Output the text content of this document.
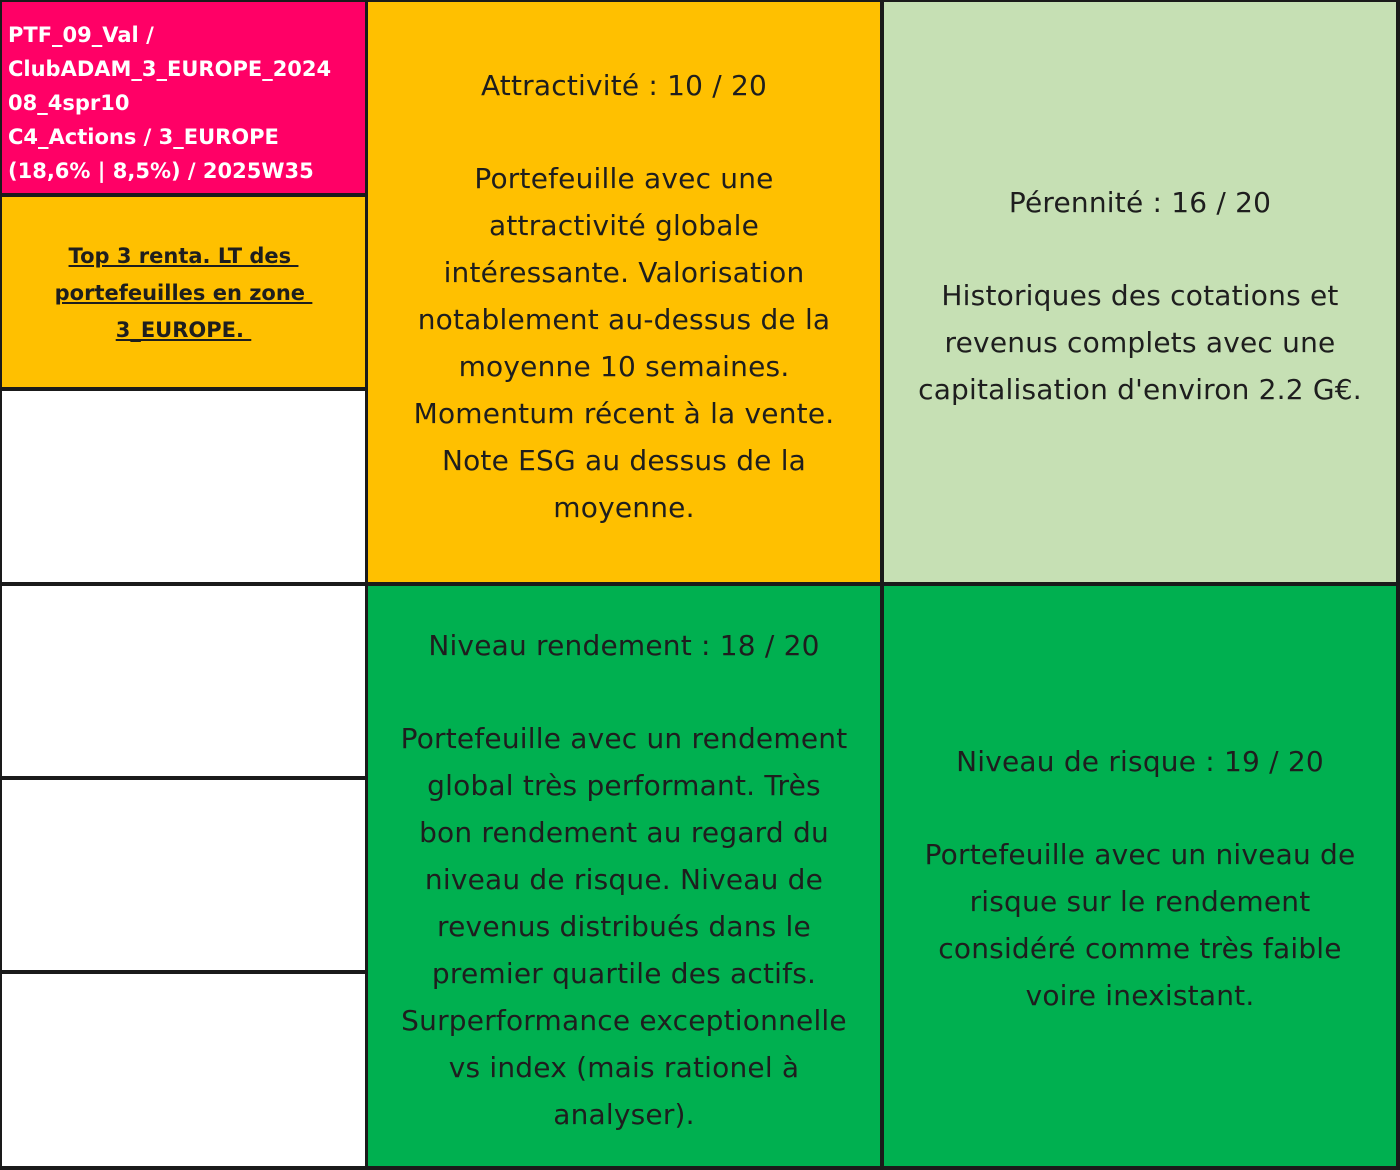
PTF_09_Val /
ClubADAM_3_EUROPE_2024
08_4spr10
C4_Actions / 3_EUROPE
(18,6% | 8,5%) / 2025W35
Top 3 renta. LT des
portefeuilles en zone
3_EUROPE.
Attractivité : 10 / 20
Portefeuille avec une
attractivité globale
intéressante. Valorisation
notablement au-dessus de la
moyenne 10 semaines.
Momentum récent à la vente.
Note ESG au dessus de la
moyenne.
Pérennité : 16 / 20
Historiques des cotations et
revenus complets avec une
capitalisation d'environ 2.2 G€.
Niveau rendement : 18 / 20
Portefeuille avec un rendement
global très performant. Très
bon rendement au regard du
niveau de risque. Niveau de
revenus distribués dans le
premier quartile des actifs.
Surperformance exceptionnelle
vs index (mais rationel à
analyser).
Niveau de risque : 19 / 20
Portefeuille avec un niveau de
risque sur le rendement
considéré comme très faible
voire inexistant.
